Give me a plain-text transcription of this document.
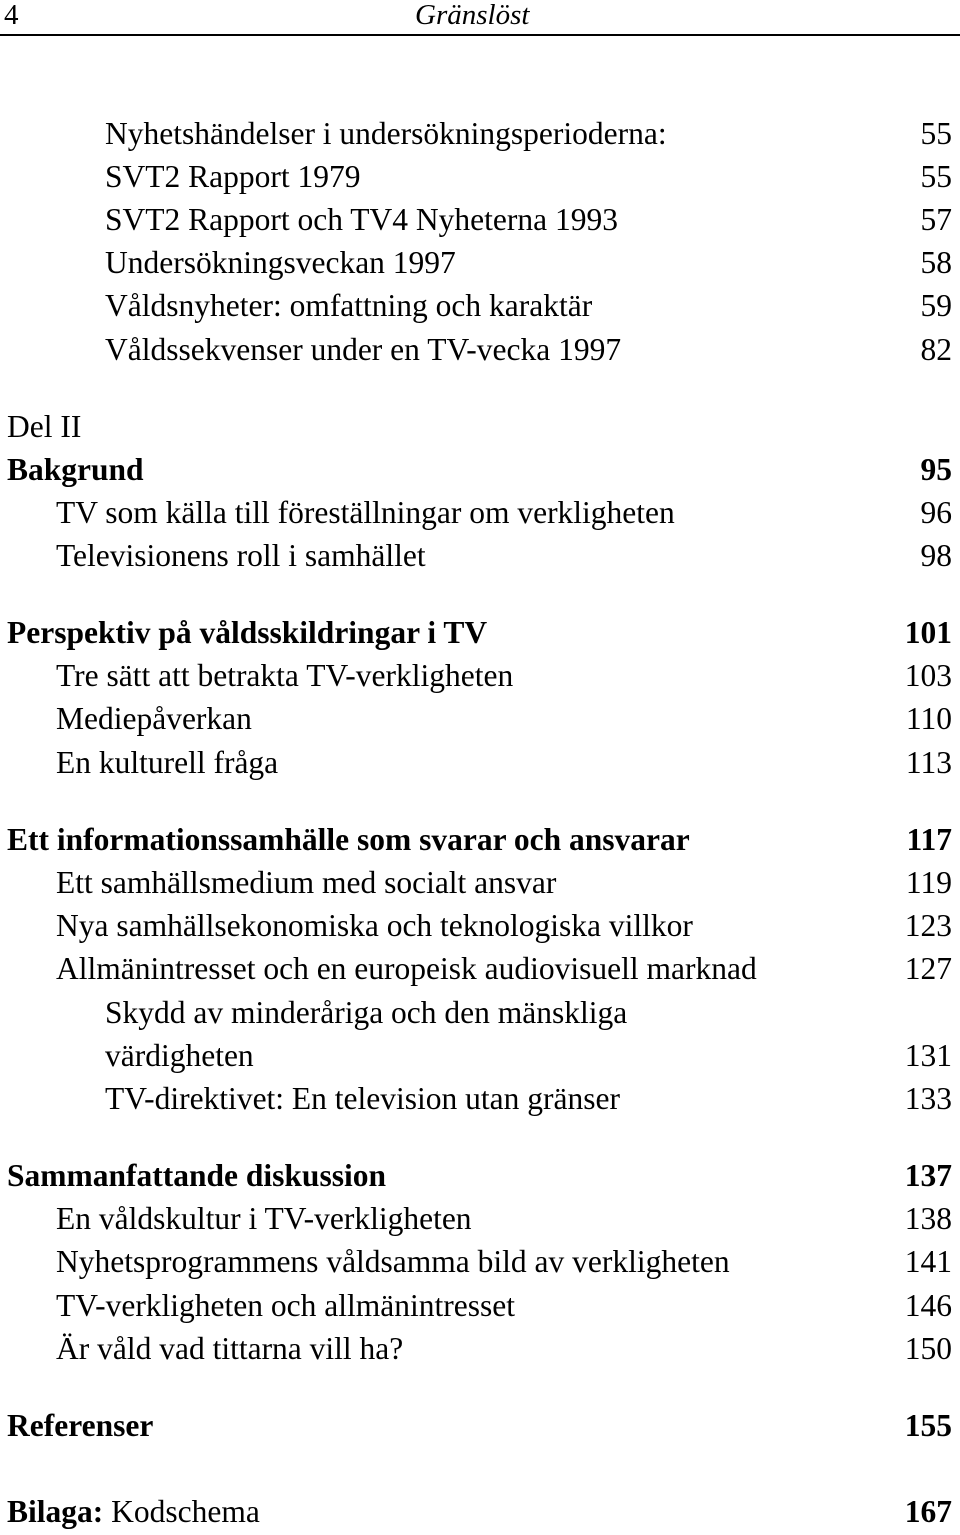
4	Gränslöst
Nyhetshändelser i undersökningsperioderna:	55
SVT2 Rapport 1979	55
SVT2 Rapport och TV4 Nyheterna 1993	57
Undersökningsveckan 1997	58
Våldsnyheter: omfattning och karaktär	59
Våldssekvenser under en TV-vecka 1997	82
Del II
Bakgrund	95
TV som källa till föreställningar om verkligheten	96
Televisionens roll i samhället	98
Perspektiv på våldsskildringar i TV	101
Tre sätt att betrakta TV-verkligheten	103
Mediepåverkan	110
En kulturell fråga	113
Ett informationssamhälle som svarar och ansvarar	117
Ett samhällsmedium med socialt ansvar	119
Nya samhällsekonomiska och teknologiska villkor	123
Allmänintresset och en europeisk audiovisuell marknad	127
Skydd av minderåriga och den mänskliga
värdigheten	131
TV-direktivet: En television utan gränser	133
Sammanfattande diskussion	137
En våldskultur i TV-verkligheten	138
Nyhetsprogrammens våldsamma bild av verkligheten	141
TV-verkligheten och allmänintresset	146
Är våld vad tittarna vill ha?	150
Referenser	155
Bilaga: Kodschema	167
